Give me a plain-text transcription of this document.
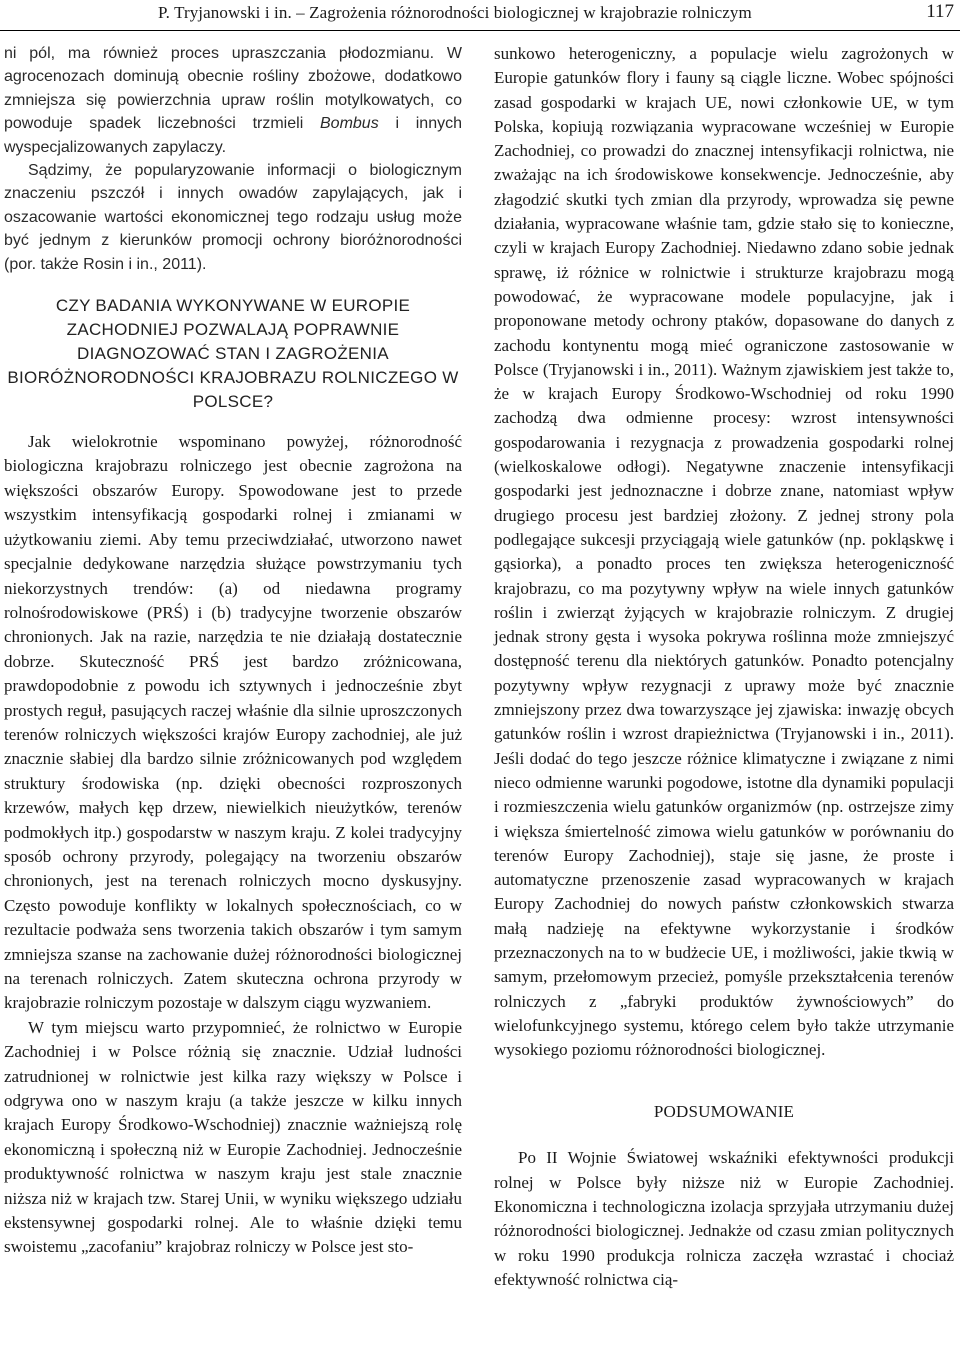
P. Tryjanowski i in. – Zagrożenia różnorodności biologicznej w krajobrazie rolniczym	117

ni pól, ma również proces upraszczania płodozmianu. W agrocenozach dominują obecnie rośliny zbożowe, dodatkowo zmniejsza się powierzchnia upraw roślin motylkowatych, co powoduje spadek liczebności trzmieli Bombus i innych wyspecjalizowanych zapylaczy.

Sądzimy, że popularyzowanie informacji o biologicznym znaczeniu pszczół i innych owadów zapylających, jak i oszacowanie wartości ekonomicznej tego rodzaju usług może być jednym z kierunków promocji ochrony bioróżnorodności (por. także Rosin i in., 2011).

CZY BADANIA WYKONYWANE W EUROPIE ZACHODNIEJ POZWALAJĄ POPRAWNIE DIAGNOZOWAĆ STAN I ZAGROŻENIA BIORÓŻNORODNOŚCI KRAJOBRAZU ROLNICZEGO W POLSCE?

Jak wielokrotnie wspominano powyżej, różnorodność biologiczna krajobrazu rolniczego jest obecnie zagrożona na większości obszarów Europy. Spowodowane jest to przede wszystkim intensyfikacją gospodarki rolnej i zmianami w użytkowaniu ziemi. Aby temu przeciwdziałać, utworzono nawet specjalnie dedykowane narzędzia służące powstrzymaniu tych niekorzystnych trendów: (a) od niedawna programy rolnośrodowiskowe (PRŚ) i (b) tradycyjne tworzenie obszarów chronionych. Jak na razie, narzędzia te nie działają dostatecznie dobrze. Skuteczność PRŚ jest bardzo zróżnicowana, prawdopodobnie z powodu ich sztywnych i jednocześnie zbyt prostych reguł, pasujących raczej właśnie dla silnie uproszczonych terenów rolniczych większości krajów Europy zachodniej, ale już znacznie słabiej dla bardzo silnie zróżnicowanych pod względem struktury środowiska (np. dzięki obecności rozproszonych krzewów, małych kęp drzew, niewielkich nieużytków, terenów podmokłych itp.) gospodarstw w naszym kraju. Z kolei tradycyjny sposób ochrony przyrody, polegający na tworzeniu obszarów chronionych, jest na terenach rolniczych mocno dyskusyjny. Często powoduje konflikty w lokalnych społecznościach, co w rezultacie podważa sens tworzenia takich obszarów i tym samym zmniejsza szanse na zachowanie dużej różnorodności biologicznej na terenach rolniczych. Zatem skuteczna ochrona przyrody w krajobrazie rolniczym pozostaje w dalszym ciągu wyzwaniem.

W tym miejscu warto przypomnieć, że rolnictwo w Europie Zachodniej i w Polsce różnią się znacznie. Udział ludności zatrudnionej w rolnictwie jest kilka razy większy w Polsce i odgrywa ono w naszym kraju (a także jeszcze w kilku innych krajach Europy Środkowo-Wschodniej) znacznie ważniejszą rolę ekonomiczną i społeczną niż w Europie Zachodniej. Jednocześnie produktywność rolnictwa w naszym kraju jest stale znacznie niższa niż w krajach tzw. Starej Unii, w wyniku większego udziału ekstensywnej gospodarki rolnej. Ale to właśnie dzięki temu swoistemu „zacofaniu” krajobraz rolniczy w Polsce jest sto-

sunkowo heterogeniczny, a populacje wielu zagrożonych w Europie gatunków flory i fauny są ciągle liczne. Wobec spójności zasad gospodarki w krajach UE, nowi członkowie UE, w tym Polska, kopiują rozwiązania wypracowane wcześniej w Europie Zachodniej, co prowadzi do znacznej intensyfikacji rolnictwa, nie zważając na ich środowiskowe konsekwencje. Jednocześnie, aby złagodzić skutki tych zmian dla przyrody, wprowadza się pewne działania, wypracowane właśnie tam, gdzie stało się to konieczne, czyli w krajach Europy Zachodniej. Niedawno zdano sobie jednak sprawę, iż różnice w rolnictwie i strukturze krajobrazu mogą powodować, że wypracowane modele populacyjne, jak i proponowane metody ochrony ptaków, dopasowane do danych z zachodu kontynentu mogą mieć ograniczone zastosowanie w Polsce (Tryjanowski i in., 2011). Ważnym zjawiskiem jest także to, że w krajach Europy Środkowo-Wschodniej od roku 1990 zachodzą dwa odmienne procesy: wzrost intensywności gospodarowania i rezygnacja z prowadzenia gospodarki rolnej (wielkoskalowe odłogi). Negatywne znaczenie intensyfikacji gospodarki jest jednoznaczne i dobrze znane, natomiast wpływ drugiego procesu jest bardziej złożony. Z jednej strony pola podlegające sukcesji przyciągają wiele gatunków (np. pokląskwę i gąsiorka), a ponadto proces ten zwiększa heterogeniczność krajobrazu, co ma pozytywny wpływ na wiele innych gatunków roślin i zwierząt żyjących w krajobrazie rolniczym. Z drugiej jednak strony gęsta i wysoka pokrywa roślinna może zmniejszyć dostępność terenu dla niektórych gatunków. Ponadto potencjalny pozytywny wpływ rezygnacji z uprawy może być znacznie zmniejszony przez dwa towarzyszące jej zjawiska: inwazję obcych gatunków roślin i wzrost drapieżnictwa (Tryjanowski i in., 2011). Jeśli dodać do tego jeszcze różnice klimatyczne i związane z nimi nieco odmienne warunki pogodowe, istotne dla dynamiki populacji i rozmieszczenia wielu gatunków organizmów (np. ostrzejsze zimy i większa śmiertelność zimowa wielu gatunków w porównaniu do terenów Europy Zachodniej), staje się jasne, że proste i automatyczne przenoszenie zasad wypracowanych w krajach Europy Zachodniej do nowych państw członkowskich stwarza małą nadzieję na efektywne wykorzystanie i środków przeznaczonych na to w budżecie UE, i możliwości, jakie tkwią w samym, przełomowym przecież, pomyśle przekształcenia terenów rolniczych z „fabryki produktów żywnościowych” do wielofunkcyjnego systemu, którego celem było także utrzymanie wysokiego poziomu różnorodności biologicznej.

PODSUMOWANIE

Po II Wojnie Światowej wskaźniki efektywności produkcji rolnej w Polsce były niższe niż w Europie Zachodniej. Ekonomiczna i technologiczna izolacja sprzyjała utrzymaniu dużej różnorodności biologicznej. Jednakże od czasu zmian politycznych w roku 1990 produkcja rolnicza zaczęła wzrastać i chociaż efektywność rolnictwa cią-
